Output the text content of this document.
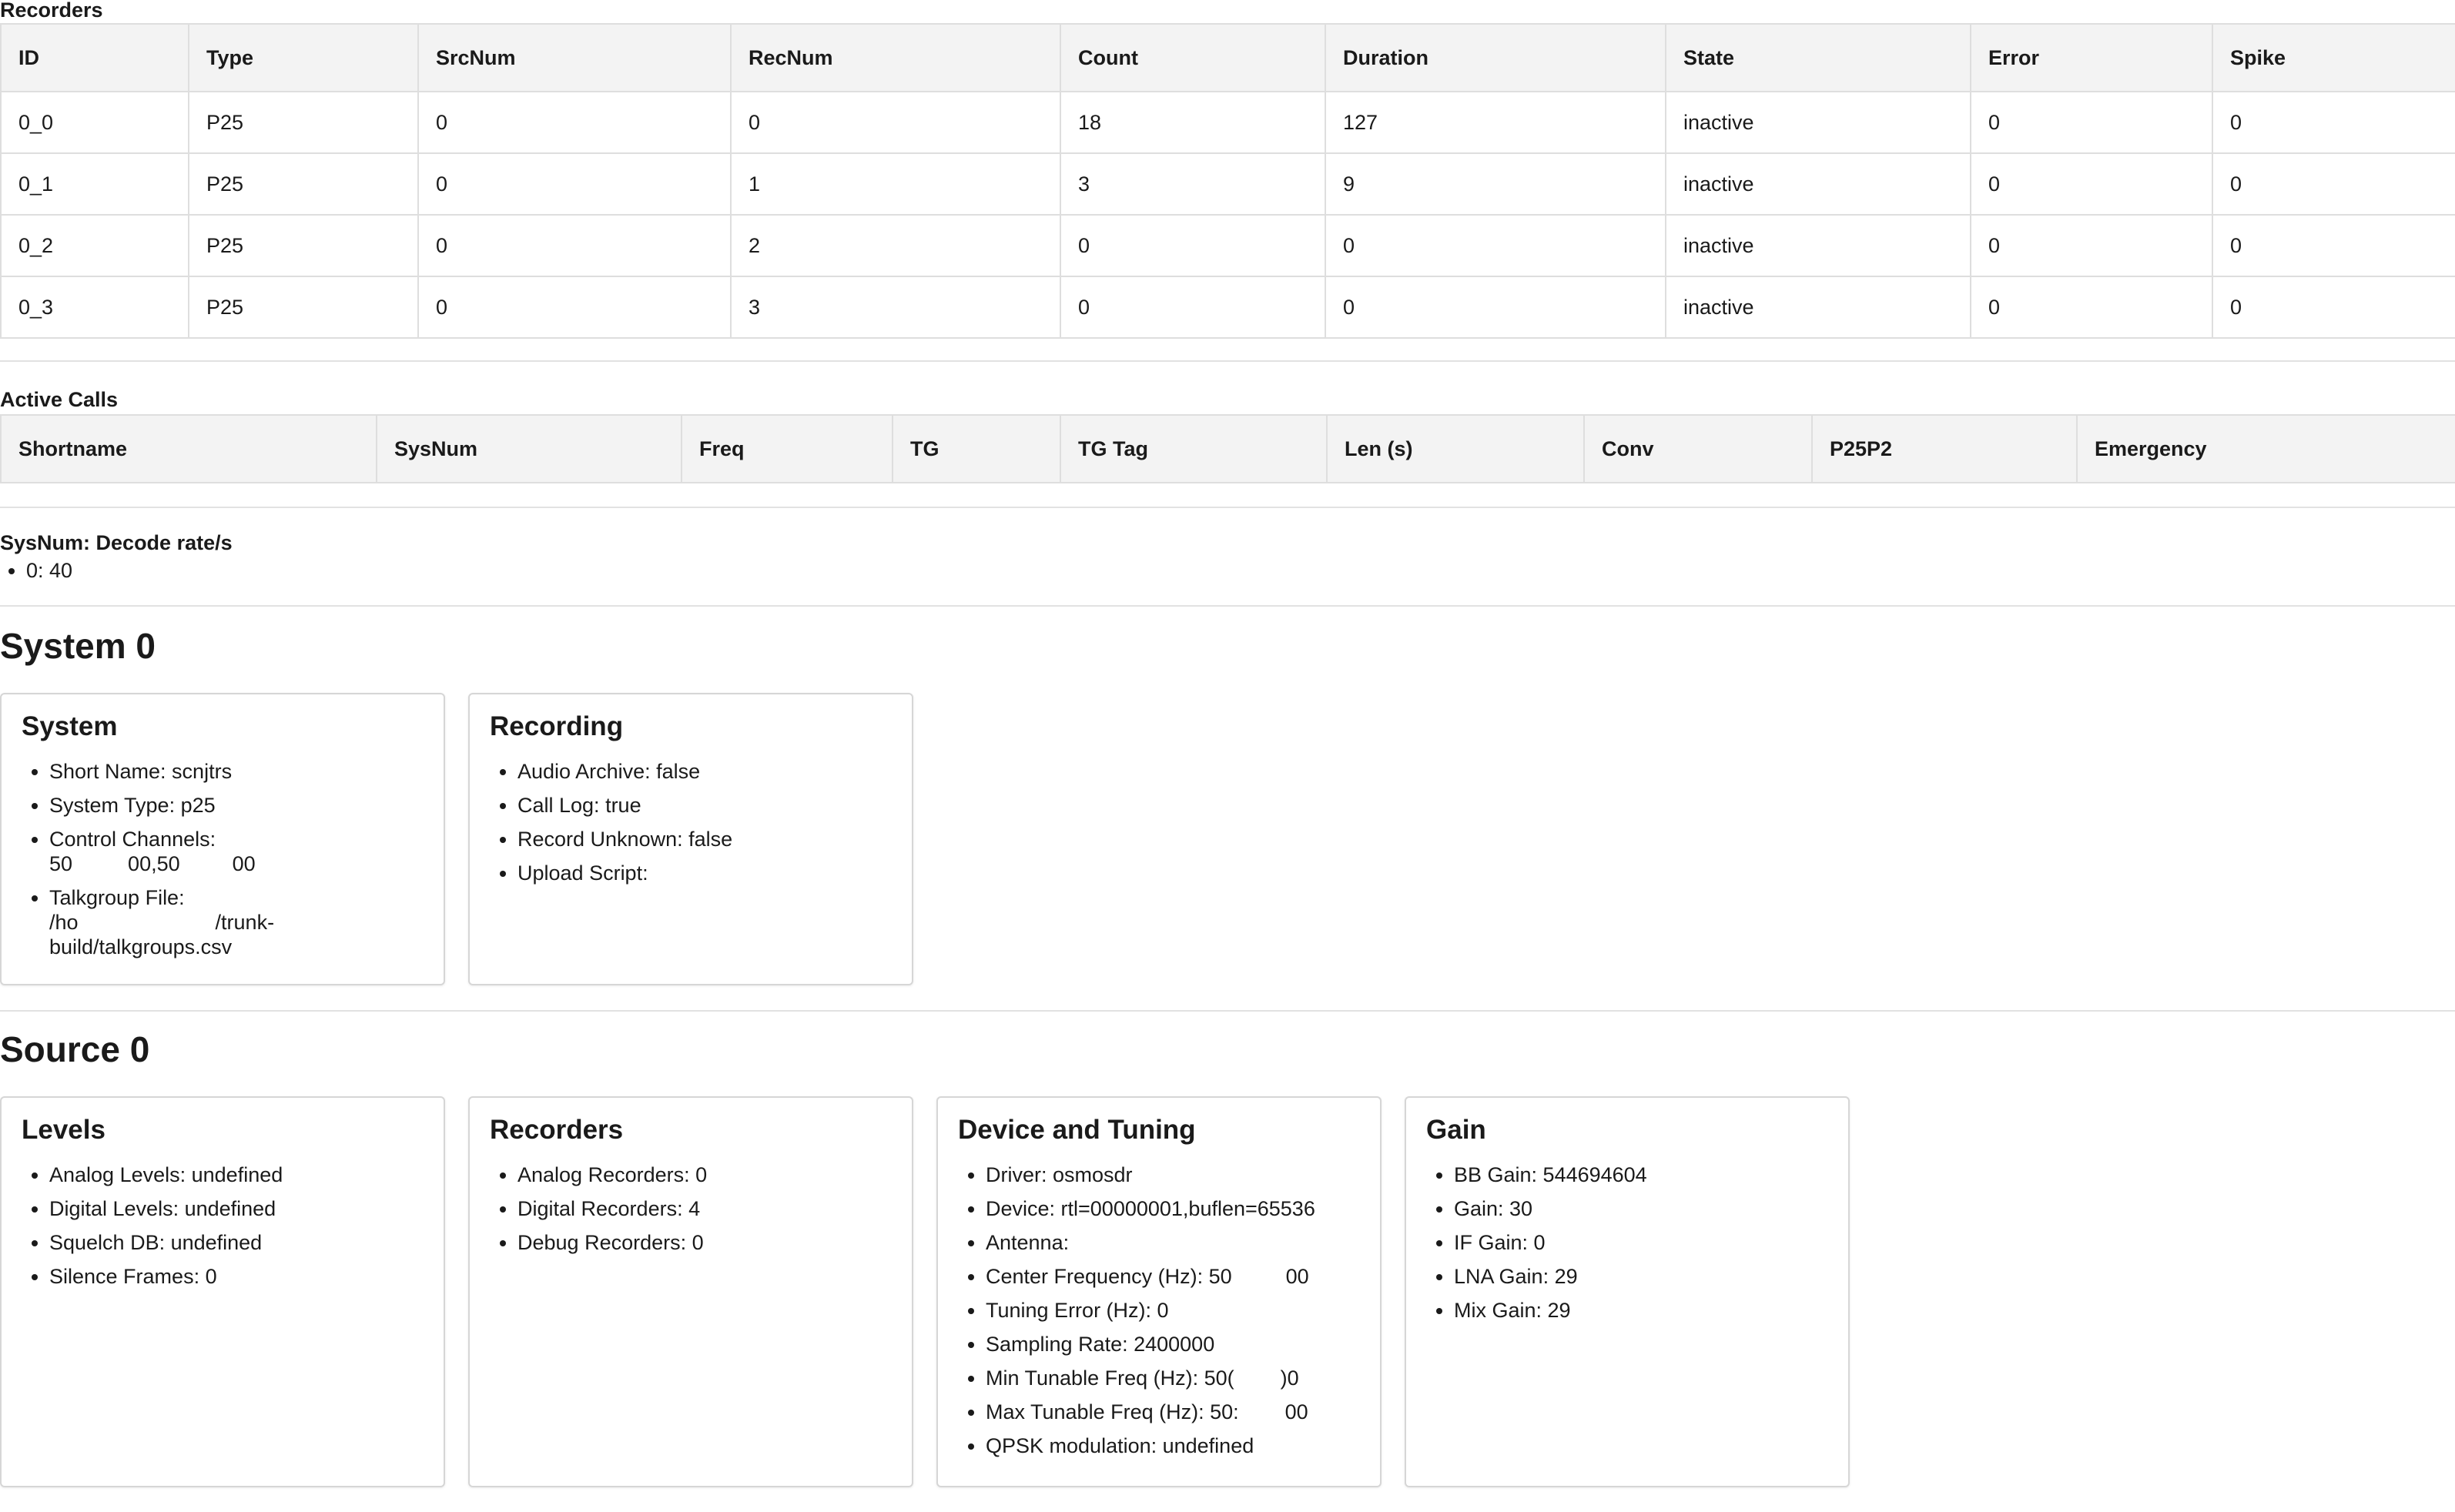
Recorders
ID	Type	SrcNum	RecNum	Count	Duration	State	Error	Spike
0_0	P25	0	0	18	127	inactive	0	0
0_1	P25	0	1	3	9	inactive	0	0
0_2	P25	0	2	0	0	inactive	0	0
0_3	P25	0	3	0	0	inactive	0	0
Active Calls
Shortname	SysNum	Freq	TG	TG Tag	Len (s)	Conv	P25P2	Emergency
SysNum: Decode rate/s
• 0: 40
System 0
System
• Short Name: scnjtrs
• System Type: p25
• Control Channels:
50	00,50	00
• Talkgroup File:
/ho	/trunk-
build/talkgroups.csv
Recording
• Audio Archive: false
• Call Log: true
• Record Unknown: false
• Upload Script:
Source 0
Levels
• Analog Levels: undefined
• Digital Levels: undefined
• Squelch DB: undefined
• Silence Frames: 0
Recorders
• Analog Recorders: 0
• Digital Recorders: 4
• Debug Recorders: 0
Device and Tuning
• Driver: osmosdr
• Device: rtl=00000001,buflen=65536
• Antenna:
• Center Frequency (Hz): 50	00
• Tuning Error (Hz): 0
• Sampling Rate: 2400000
• Min Tunable Freq (Hz): 50( )0
• Max Tunable Freq (Hz): 50: 00
• QPSK modulation: undefined
Gain
• BB Gain: 544694604
• Gain: 30
• IF Gain: 0
• LNA Gain: 29
• Mix Gain: 29
